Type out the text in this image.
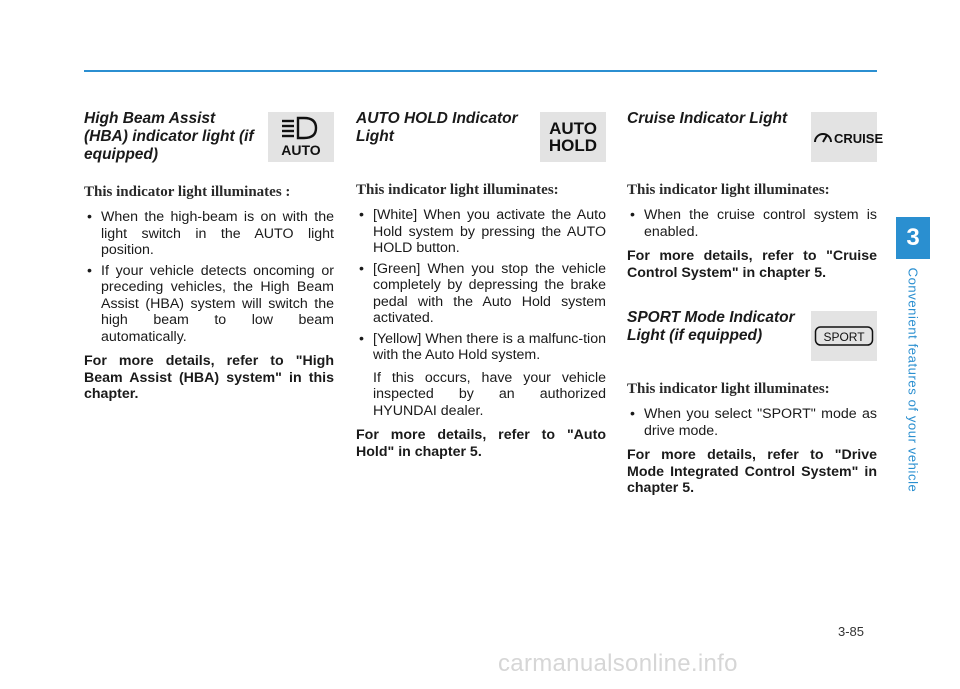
High Beam Assist (HBA) indicator light (if equipped)	AUTO

This indicator light illuminates :

• When the high-beam is on with the light switch in the AUTO light position.
• If your vehicle detects oncoming or preceding vehicles, the High Beam Assist (HBA) system will switch the high beam to low beam automatically.

For more details, refer to "High Beam Assist (HBA) system" in this chapter.

AUTO HOLD Indicator Light	AUTO
HOLD

This indicator light illuminates:

• [White] When you activate the Auto Hold system by pressing the AUTO HOLD button.
• [Green] When you stop the vehicle completely by depressing the brake pedal with the Auto Hold system activated.
• [Yellow] When there is a malfunc-tion with the Auto Hold system.

If this occurs, have your vehicle inspected by an authorized HYUNDAI dealer.

For more details, refer to "Auto Hold" in chapter 5.

Cruise Indicator Light
CRUISE

This indicator light illuminates:

• When the cruise control system is enabled.

For more details, refer to "Cruise Control System" in chapter 5.

SPORT Mode Indicator Light (if equipped)	SPORT

This indicator light illuminates:

• When you select "SPORT" mode as drive mode.

For more details, refer to "Drive Mode Integrated Control System" in chapter 5.

3
Convenient features of your vehicle
3-85
carmanualsonline.info
